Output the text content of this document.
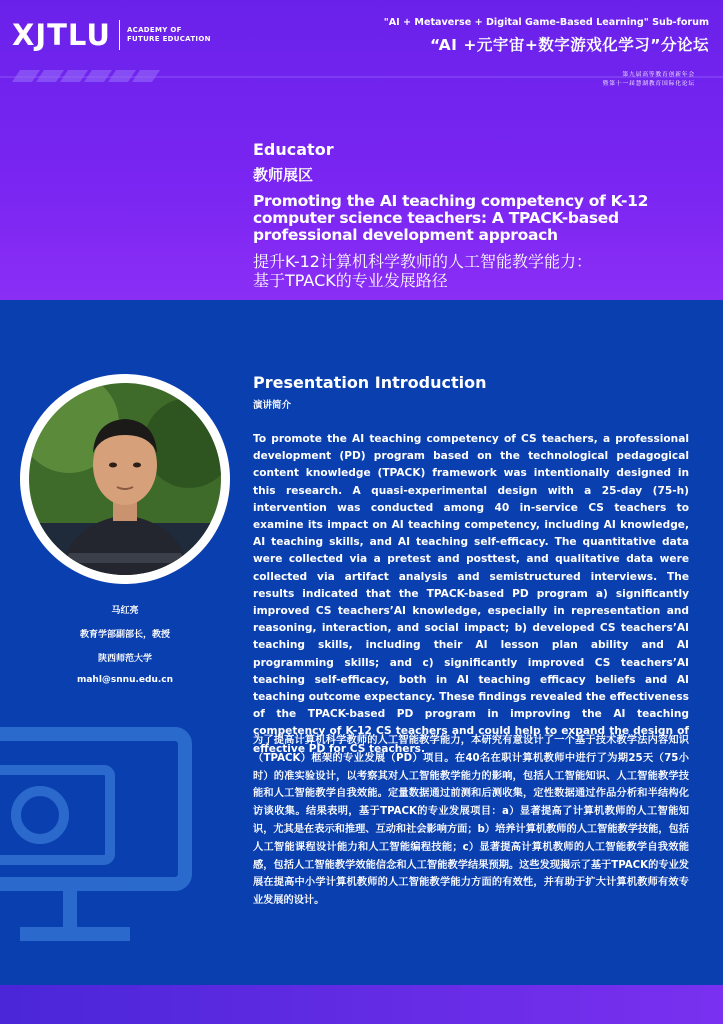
XJTLU ACADEMY OF
FUTURE EDUCATION
"AI + Metaverse + Digital Game-Based Learning" Sub-forum
“AI +元宇宙+数字游戏化学习”分论坛
第九届高等教育创新年会
暨第十一届慧湖教育国际化论坛
Educator
教师展区
Promoting the AI teaching competency of K-12 computer science teachers: A TPACK-based professional development approach
提升K-12计算机科学教师的人工智能教学能力：
基于TPACK的专业发展路径
马红亮
教育学部副部长，教授
陕西师范大学
mahl@snnu.edu.cn
Presentation Introduction
演讲简介

To promote the AI teaching competency of CS teachers, a professional development (PD) program based on the technological pedagogical content knowledge (TPACK) framework was intentionally designed in this research. A quasi-experimental design with a 25-day (75-h) intervention was conducted among 40 in-service CS teachers to examine its impact on AI teaching competency, including AI knowledge, AI teaching skills, and AI teaching self-efficacy. The quantitative data were collected via a pretest and posttest, and qualitative data were collected via artifact analysis and semistructured interviews. The results indicated that the TPACK-based PD program a) significantly improved CS teachers’AI knowledge, especially in representation and reasoning, interaction, and social impact; b) developed CS teachers’AI teaching skills, including their AI lesson plan ability and AI programming skills; and c) significantly improved CS teachers’AI teaching self-efficacy, both in AI teaching efficacy beliefs and AI teaching outcome expectancy. These findings revealed the effectiveness of the TPACK-based PD program in improving the AI teaching competency of K-12 CS teachers and could help to expand the design of effective PD for CS teachers.

为了提高计算机科学教师的人工智能教学能力，本研究有意设计了一个基于技术教学法内容知识（TPACK）框架的专业发展（PD）项目。在40名在职计算机教师中进行了为期25天（75小时）的准实验设计，以考察其对人工智能教学能力的影响，包括人工智能知识、人工智能教学技能和人工智能教学自我效能。定量数据通过前测和后测收集，定性数据通过作品分析和半结构化访谈收集。结果表明，基于TPACK的专业发展项目：a）显著提高了计算机教师的人工智能知识，尤其是在表示和推理、互动和社会影响方面；b）培养计算机教师的人工智能教学技能，包括人工智能课程设计能力和人工智能编程技能；c）显著提高计算机教师的人工智能教学自我效能感，包括人工智能教学效能信念和人工智能教学结果预期。这些发现揭示了基于TPACK的专业发展在提高中小学计算机教师的人工智能教学能力方面的有效性，并有助于扩大计算机教师有效专业发展的设计。
